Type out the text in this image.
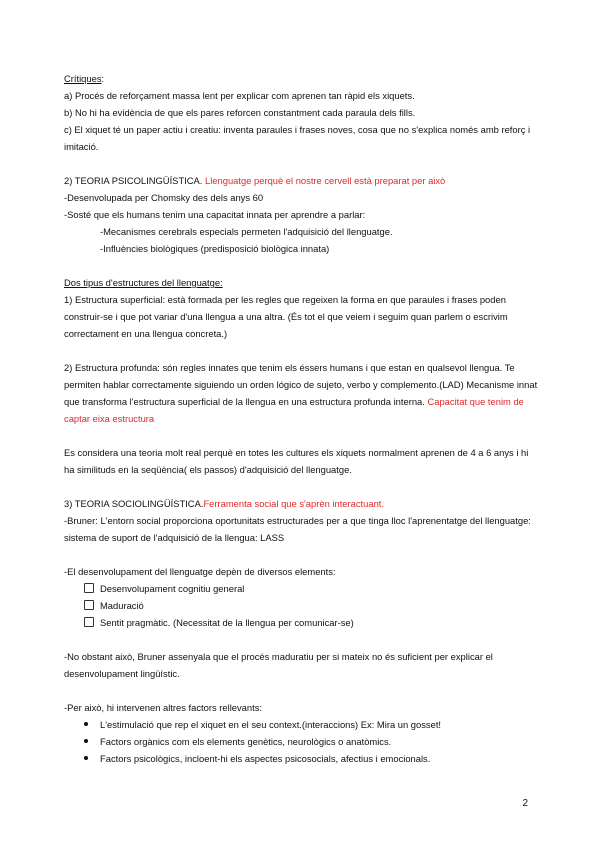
Crítiques:

a) Procés de reforçament massa lent per explicar com aprenen tan ràpid els xiquets.

b) No hi ha evidència de que els pares reforcen constantment cada paraula dels fills.

c) El xiquet té un paper actiu i creatiu: inventa paraules i frases noves, cosa que no s'explica només amb reforç i imitació.

2) TEORIA PSICOLINGÜÍSTICA. Llenguatge perquè el nostre cervell està preparat per això

-Desenvolupada per Chomsky des dels anys 60

-Sosté que els humans tenim una capacitat innata per aprendre a parlar:

-Mecanismes cerebrals especials permeten l'adquisició del llenguatge.

-Influències biològiques (predisposició biològica innata)

Dos tipus d'estructures del llenguatge:

1) Estructura superficial: està formada per les regles que regeixen la forma en que paraules i frases poden construir-se i que pot variar d'una llengua a una altra. (És tot el que veiem i seguim quan parlem o escrivim correctament en una llengua concreta.)

2) Estructura profunda: són regles innates que tenim els éssers humans i que estan en qualsevol llengua. Te permiten hablar correctamente siguiendo un orden lógico de sujeto, verbo y complemento.(LAD) Mecanisme innat que transforma l'estructura superficial de la llengua en una estructura profunda interna. Capacitat que tenim de captar eixa estructura

Es considera una teoria molt real perquè en totes les cultures els xiquets normalment aprenen de 4 a 6 anys i hi ha similituds en la seqüència( els passos) d'adquisició del llenguatge.

3) TEORIA SOCIOLINGÜÍSTICA.Ferramenta social que s'aprèn interactuant.

-Bruner: L'entorn social proporciona oportunitats estructurades per a que tinga lloc l'aprenentatge del llenguatge: sistema de suport de l'adquisició de la llengua: LASS

-El desenvolupament del llenguatge depèn de diversos elements:

Desenvolupament cognitiu general

Maduració

Sentit pragmàtic. (Necessitat de la llengua per comunicar-se)

-No obstant això, Bruner assenyala que el procés maduratiu per si mateix no és suficient per explicar el desenvolupament lingüístic.

-Per això, hi intervenen altres factors rellevants:

L'estimulació que rep el xiquet en el seu context.(interaccions) Ex: Mira un gosset!

Factors orgànics com els elements genètics, neurològics o anatòmics.

Factors psicològics, incloent-hi els aspectes psicosocials, afectius i emocionals.

2
